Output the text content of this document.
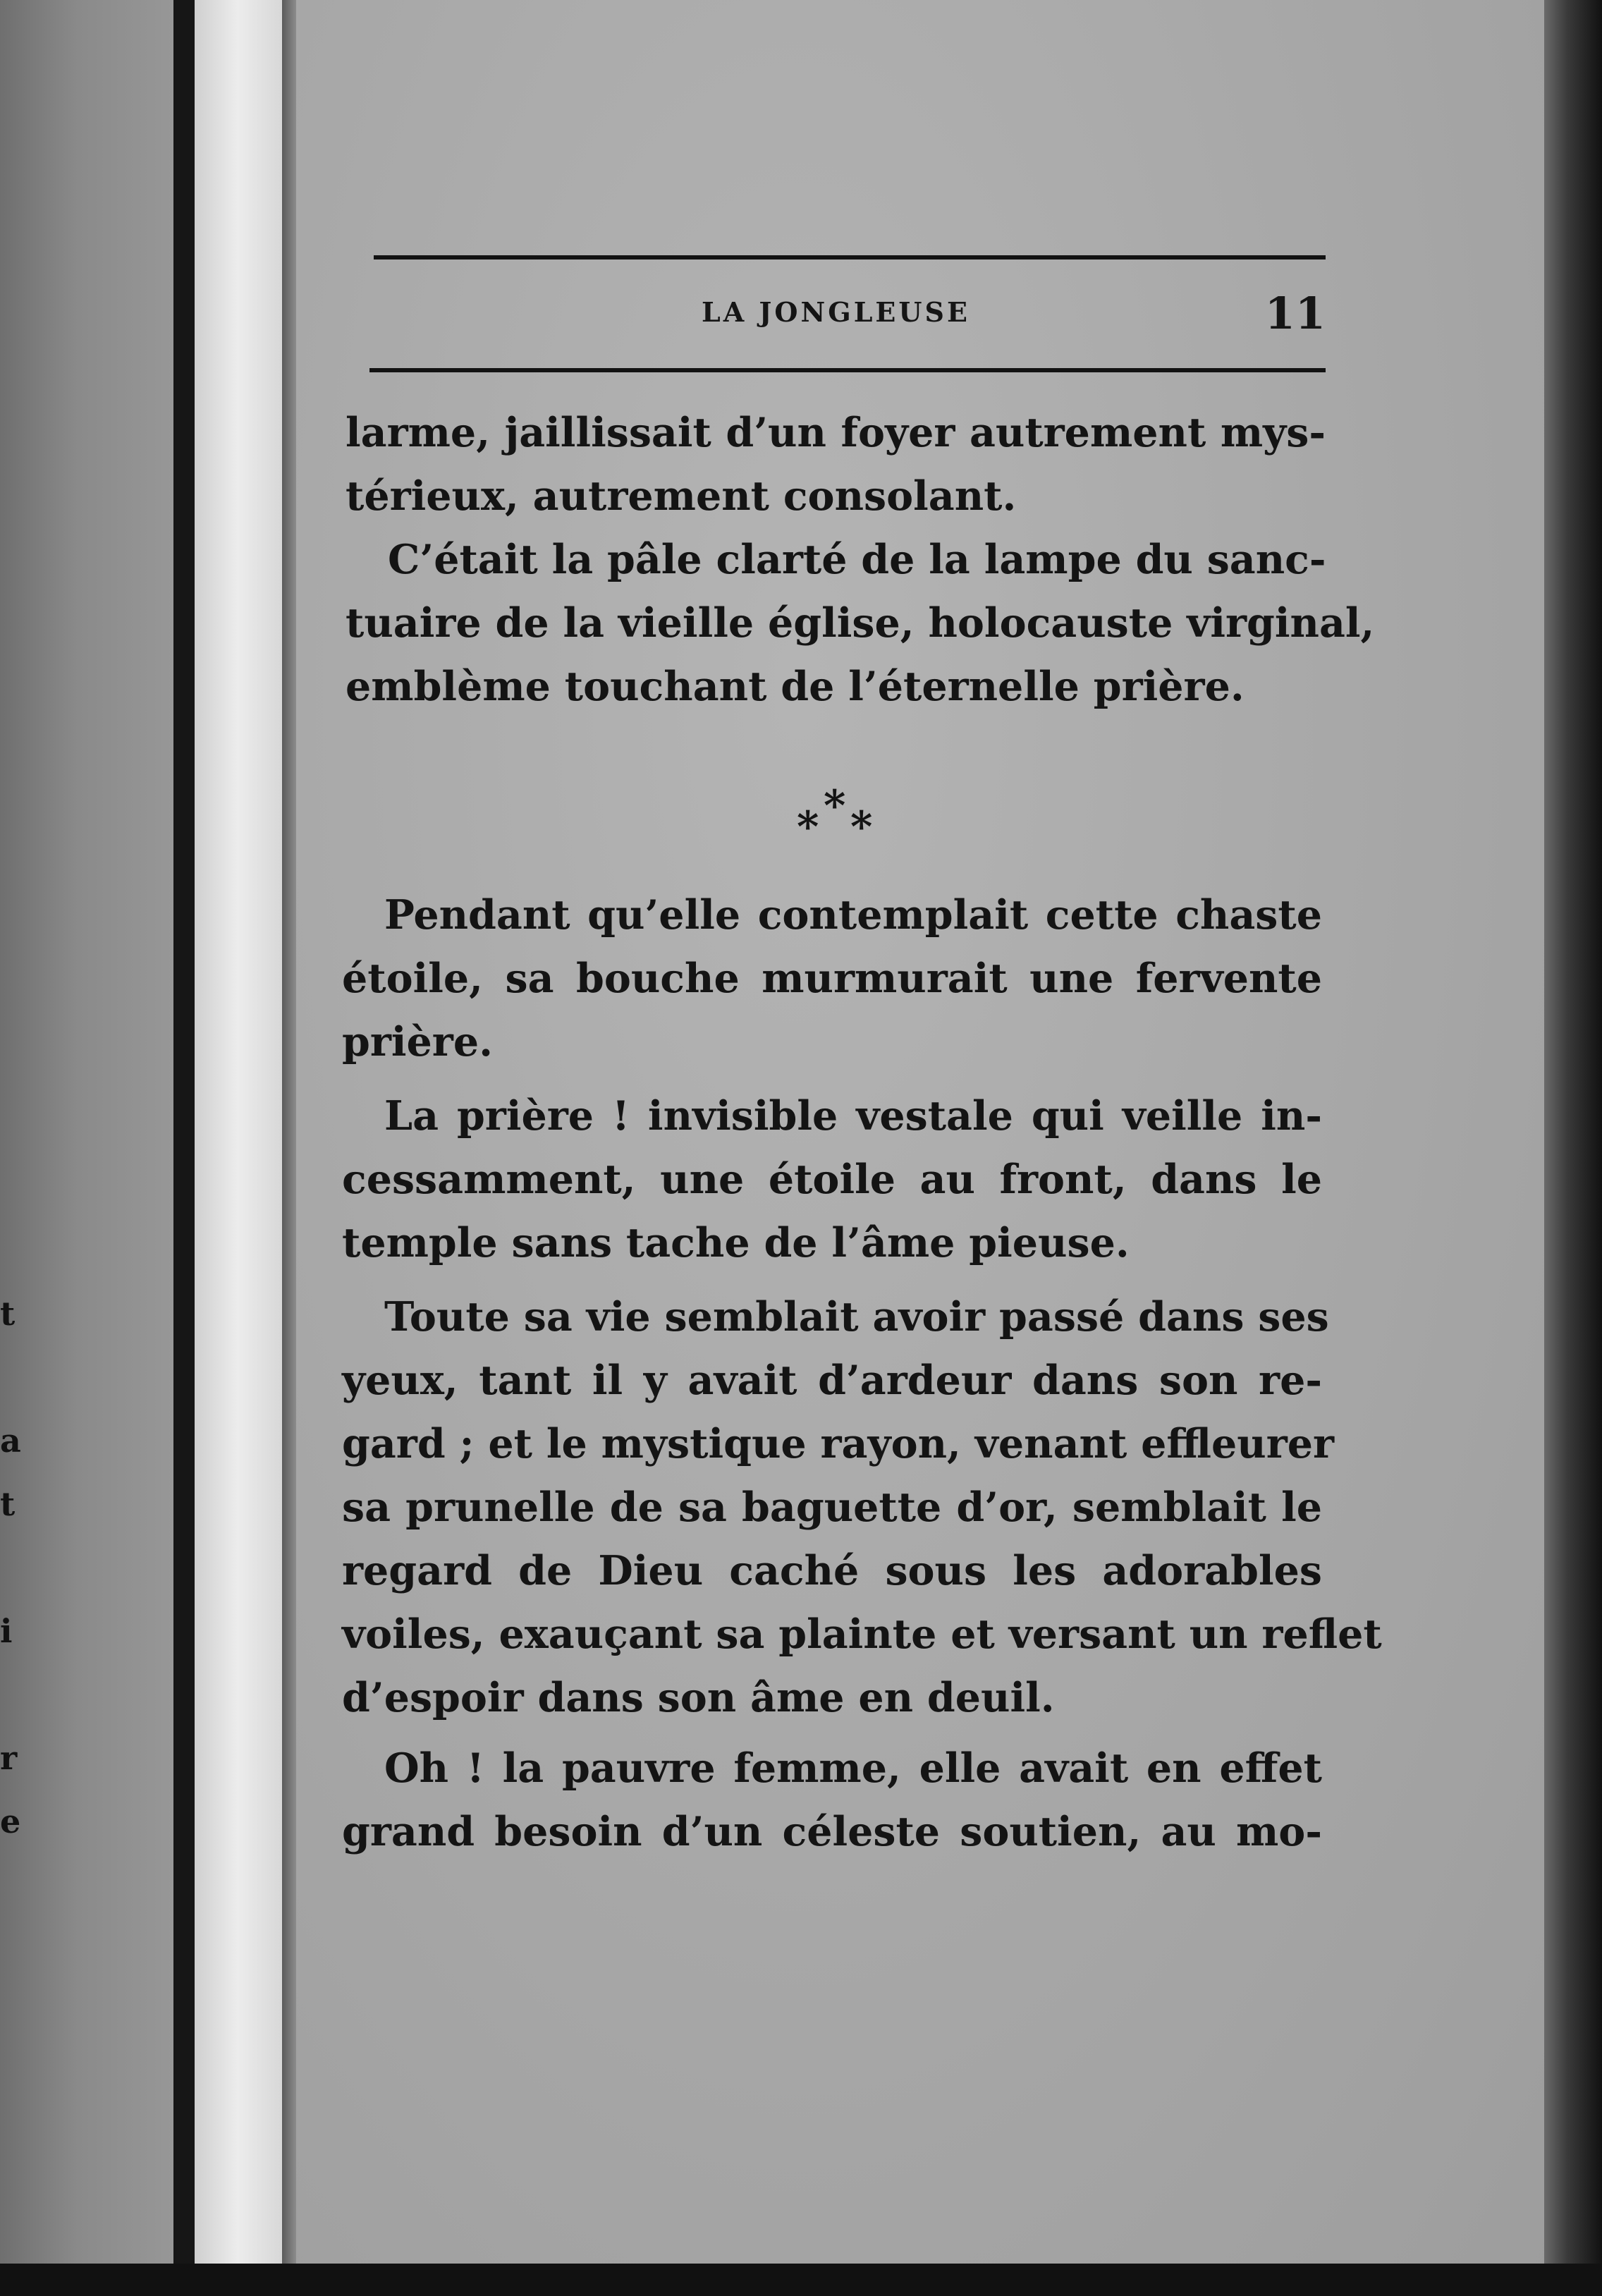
t
a
t
i
r
e
LA JONGLEUSE	11
larme, jaillissait d’un foyer autrement mys-
térieux, autrement consolant.
C’était la pâle clarté de la lampe du sanc-
tuaire de la vieille église, holocauste virginal,
emblème touchant de l’éternelle prière.
* * *
Pendant qu’elle contemplait cette chaste
étoile, sa bouche murmurait une fervente
prière.
La prière ! invisible vestale qui veille in-
cessamment, une étoile au front, dans le
temple sans tache de l’âme pieuse.
Toute sa vie semblait avoir passé dans ses
yeux, tant il y avait d’ardeur dans son re-
gard ; et le mystique rayon, venant effleurer
sa prunelle de sa baguette d’or, semblait le
regard de Dieu caché sous les adorables
voiles, exauçant sa plainte et versant un reflet
d’espoir dans son âme en deuil.
Oh ! la pauvre femme, elle avait en effet
grand besoin d’un céleste soutien, au mo-
